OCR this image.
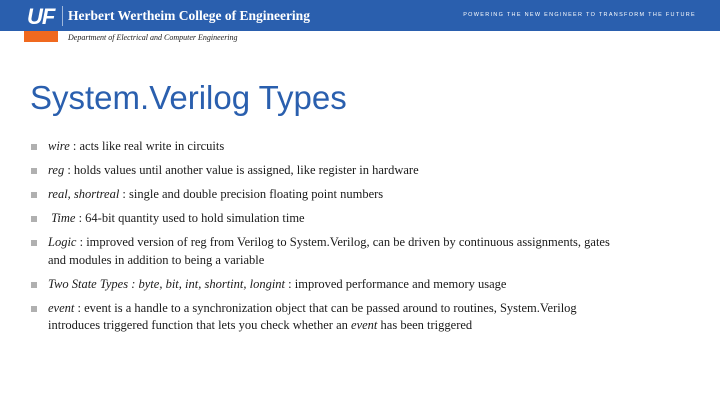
UF Herbert Wertheim College of Engineering	POWERING THE NEW ENGINEER TO TRANSFORM THE FUTURE
Department of Electrical and Computer Engineering
System.Verilog Types
wire : acts like real write in circuits
reg : holds values until another value is assigned, like register in hardware
real, shortreal : single and double precision floating point numbers
Time : 64-bit quantity used to hold simulation time
Logic : improved version of reg from Verilog to System.Verilog, can be driven by continuous assignments, gates and modules in addition to being a variable
Two State Types : byte, bit, int, shortint, longint : improved performance and memory usage
event : event is a handle to a synchronization object that can be passed around to routines, System.Verilog introduces triggered function that lets you check whether an event has been triggered
